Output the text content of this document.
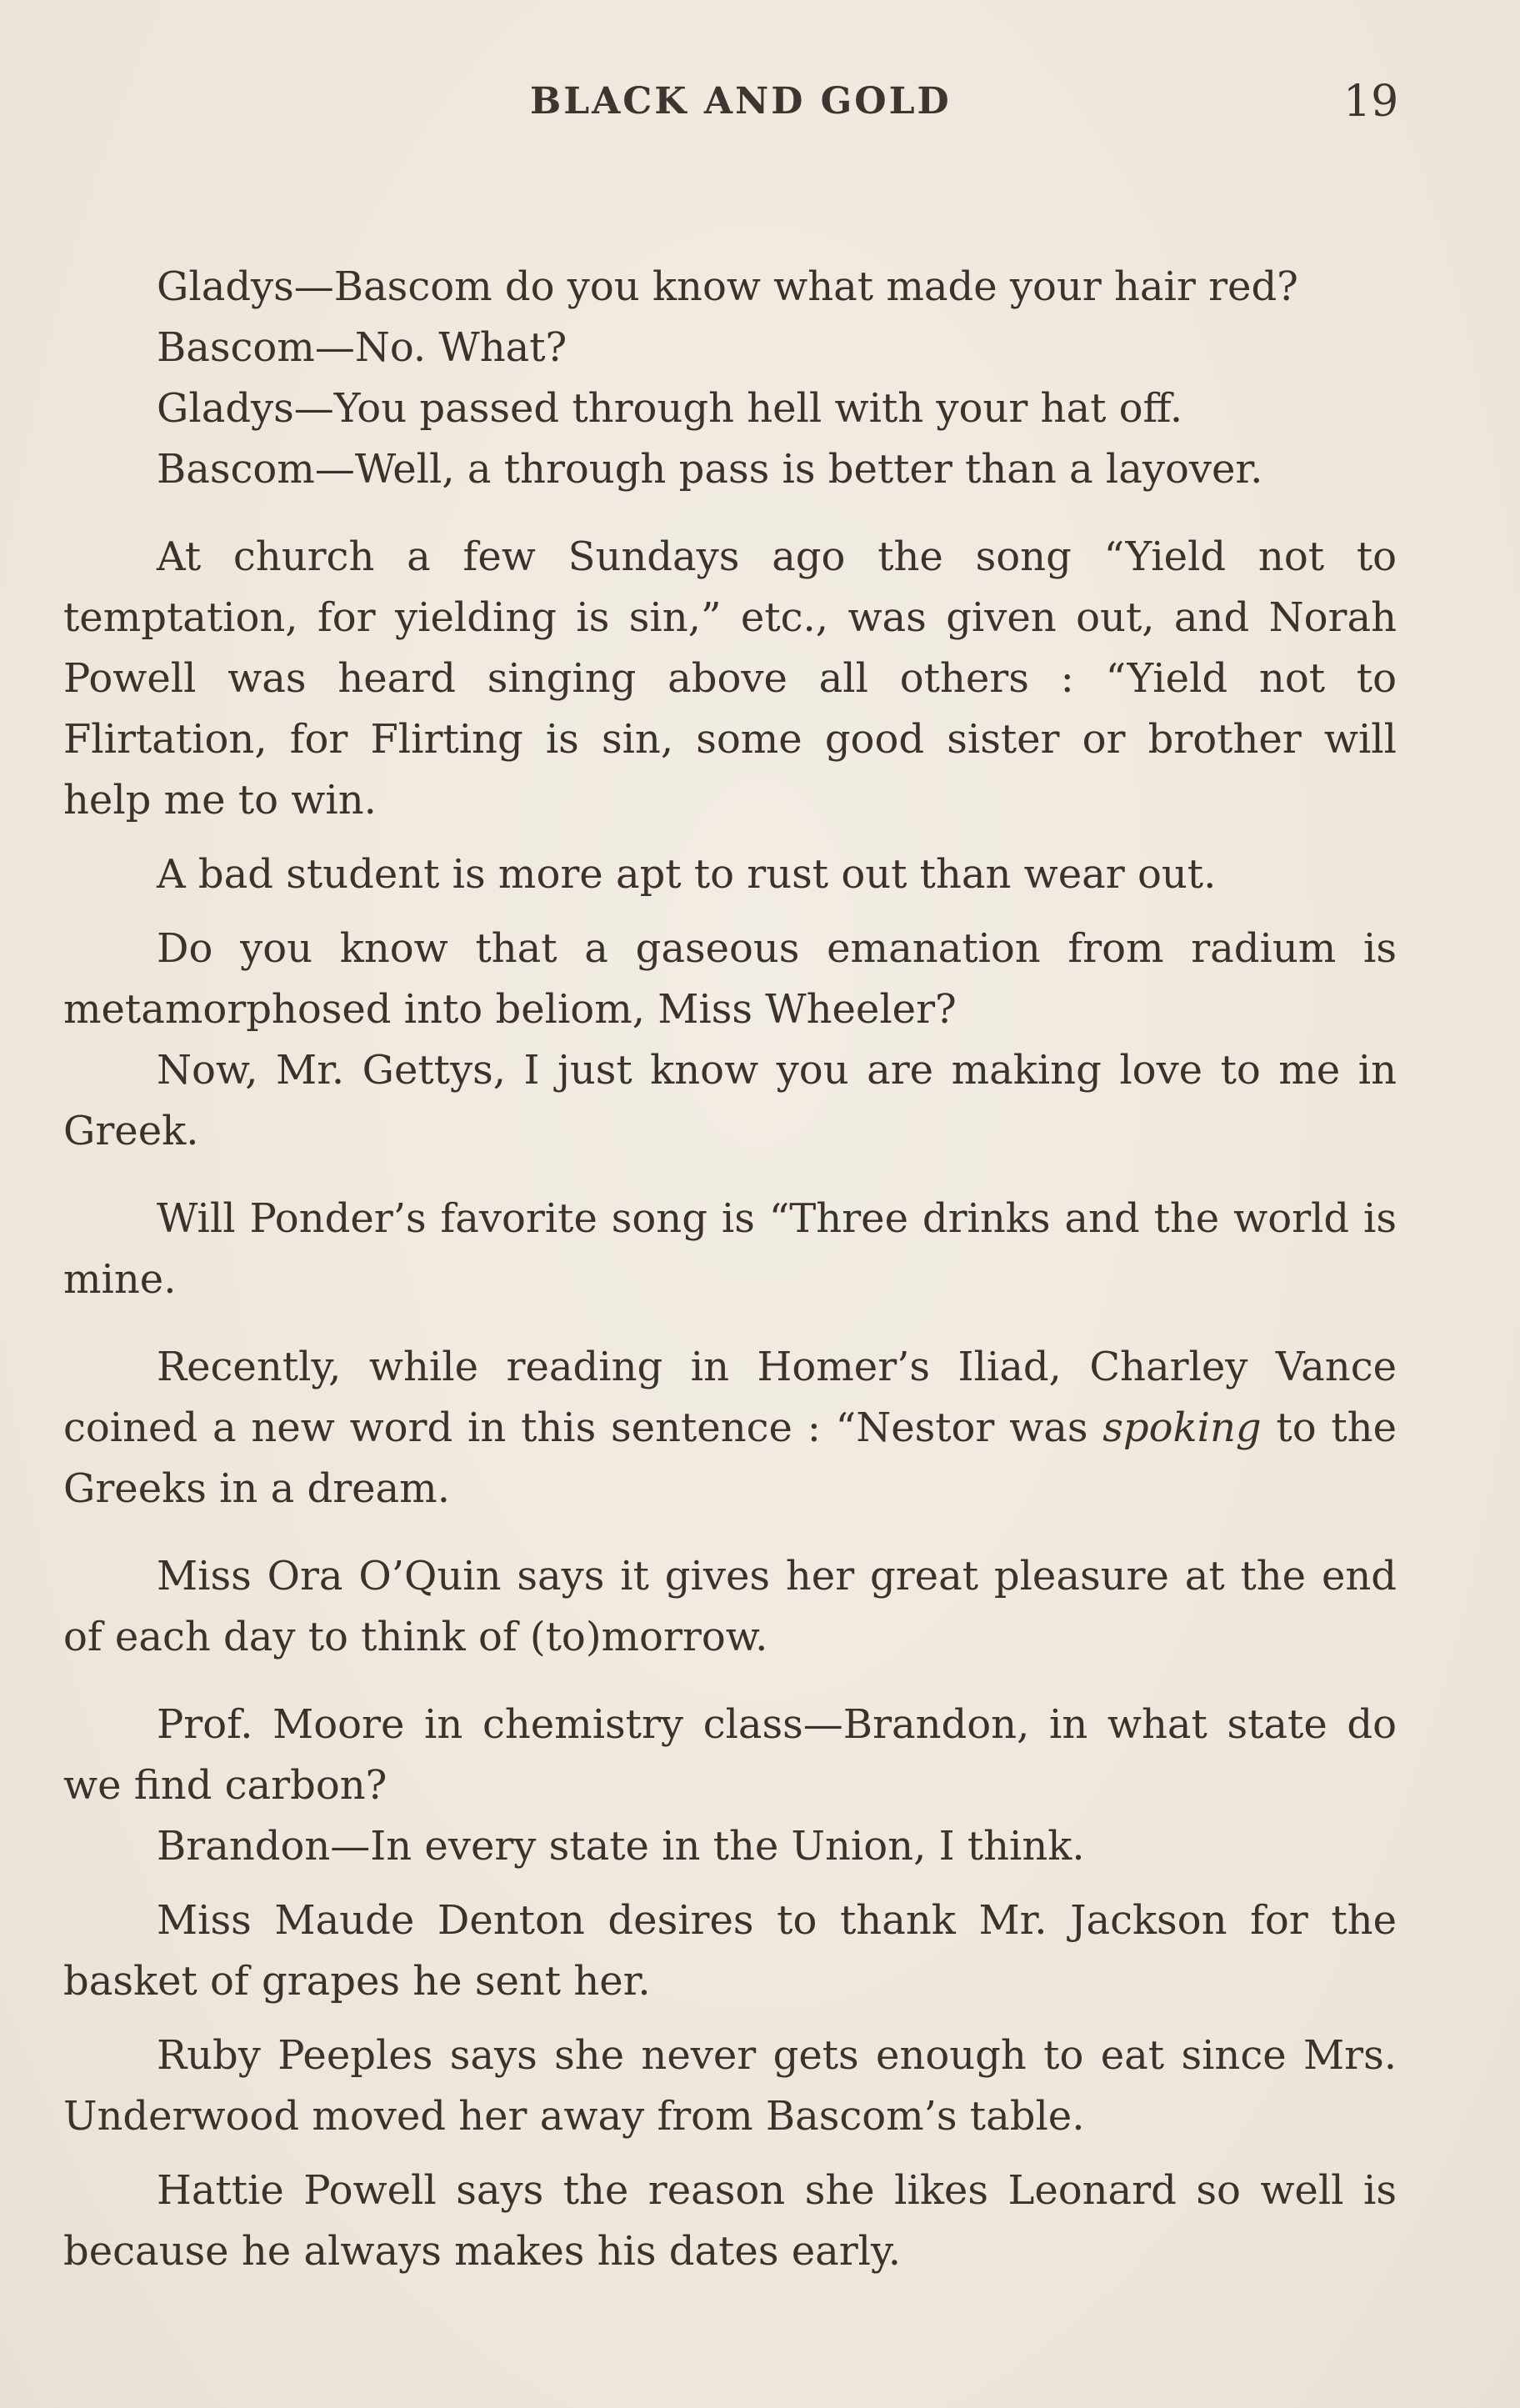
BLACK AND GOLD	19

Gladys—Bascom do you know what made your hair red?

Bascom—No. What?

Gladys—You passed through hell with your hat off.

Bascom—Well, a through pass is better than a layover.

At church a few Sundays ago the song “Yield not to temptation, for yielding is sin,” etc., was given out, and Norah Powell was heard singing above all others : “Yield not to Flirtation, for Flirting is sin, some good sister or brother will help me to win.

A bad student is more apt to rust out than wear out.

Do you know that a gaseous emanation from radium is metamorphosed into beliom, Miss Wheeler?

Now, Mr. Gettys, I just know you are making love to me in Greek.

Will Ponder’s favorite song is “Three drinks and the world is mine.

Recently, while reading in Homer’s Iliad, Charley Vance coined a new word in this sentence : “Nestor was spoking to the Greeks in a dream.

Miss Ora O’Quin says it gives her great pleasure at the end of each day to think of (to)morrow.

Prof. Moore in chemistry class—Brandon, in what state do we find carbon?

Brandon—In every state in the Union, I think.

Miss Maude Denton desires to thank Mr. Jackson for the basket of grapes he sent her.

Ruby Peeples says she never gets enough to eat since Mrs. Underwood moved her away from Bascom’s table.

Hattie Powell says the reason she likes Leonard so well is because he always makes his dates early.
